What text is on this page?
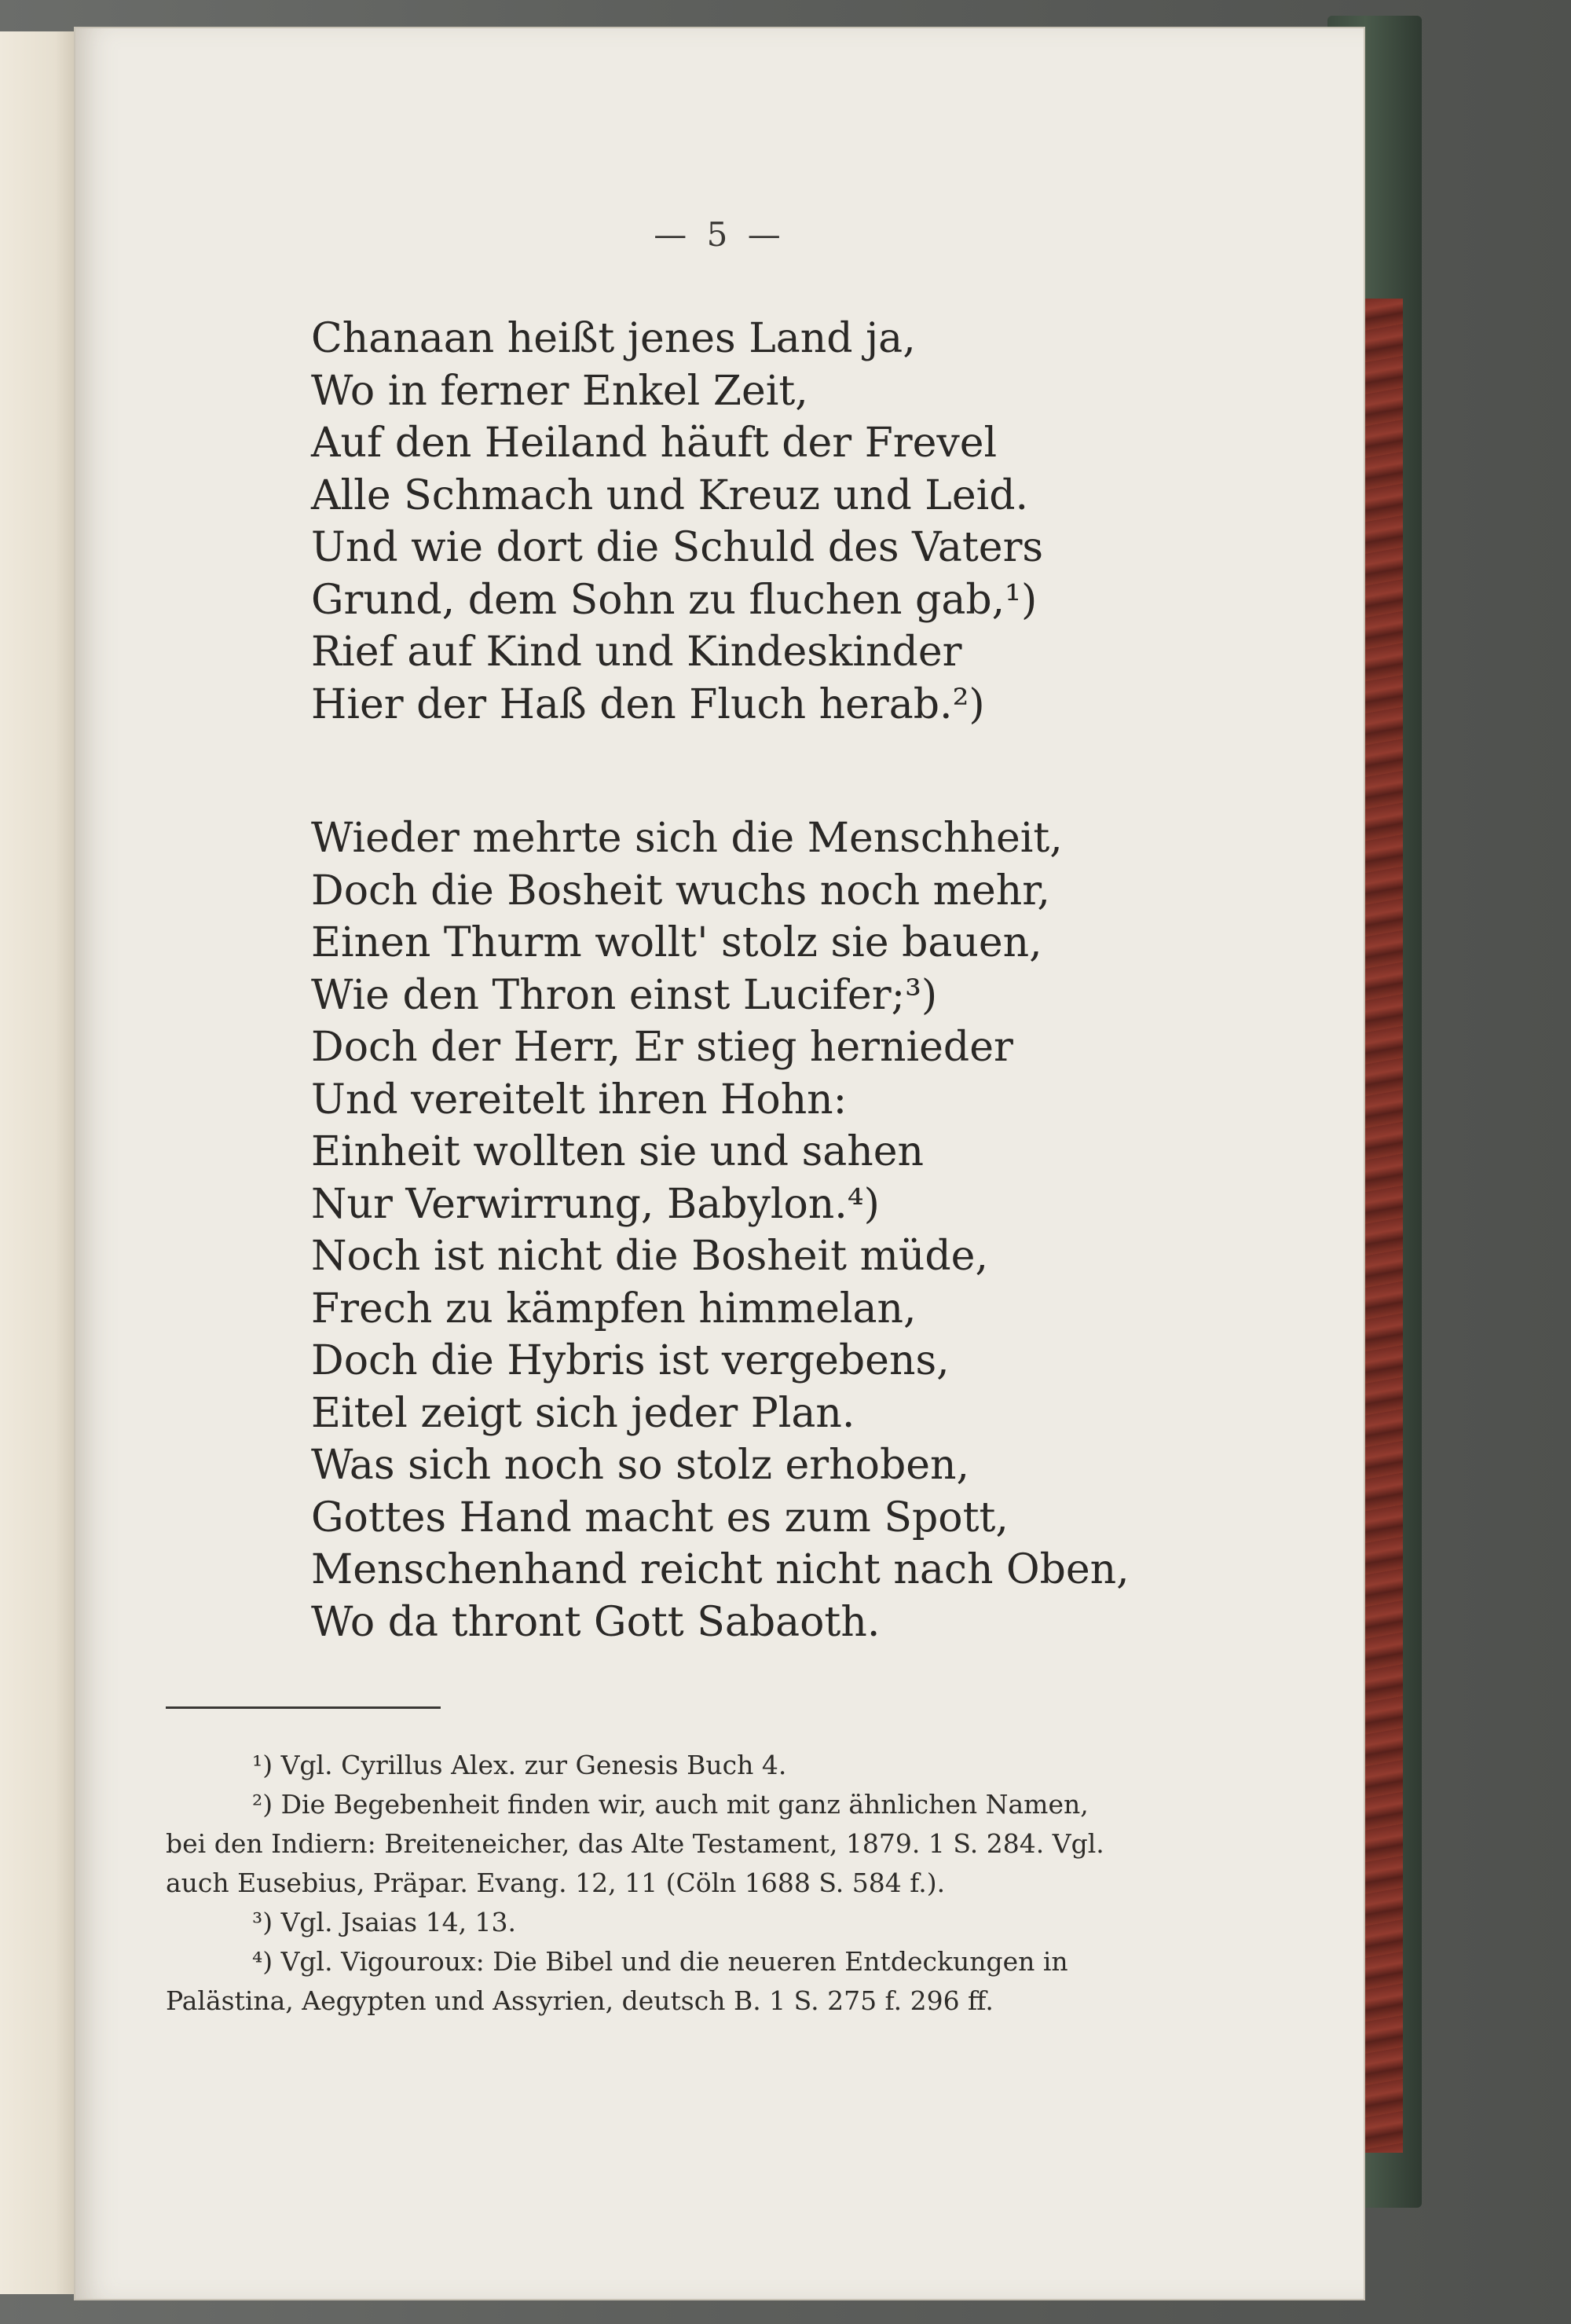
— 5 —
Chanaan heißt jenes Land ja,
Wo in ferner Enkel Zeit,
Auf den Heiland häuft der Frevel
Alle Schmach und Kreuz und Leid.
Und wie dort die Schuld des Vaters
Grund, dem Sohn zu fluchen gab,¹)
Rief auf Kind und Kindeskinder
Hier der Haß den Fluch herab.²)
Wieder mehrte sich die Menschheit,
Doch die Bosheit wuchs noch mehr,
Einen Thurm wollt' stolz sie bauen,
Wie den Thron einst Lucifer;³)
Doch der Herr, Er stieg hernieder
Und vereitelt ihren Hohn:
Einheit wollten sie und sahen
Nur Verwirrung, Babylon.⁴)
Noch ist nicht die Bosheit müde,
Frech zu kämpfen himmelan,
Doch die Hybris ist vergebens,
Eitel zeigt sich jeder Plan.
Was sich noch so stolz erhoben,
Gottes Hand macht es zum Spott,
Menschenhand reicht nicht nach Oben,
Wo da thront Gott Sabaoth.
¹) Vgl. Cyrillus Alex. zur Genesis Buch 4.
²) Die Begebenheit finden wir, auch mit ganz ähnlichen Namen,
bei den Indiern: Breiteneicher, das Alte Testament, 1879. 1 S. 284. Vgl.
auch Eusebius, Präpar. Evang. 12, 11 (Cöln 1688 S. 584 f.).
³) Vgl. Jsaias 14, 13.
⁴) Vgl. Vigouroux: Die Bibel und die neueren Entdeckungen in
Palästina, Aegypten und Assyrien, deutsch B. 1 S. 275 f. 296 ff.
